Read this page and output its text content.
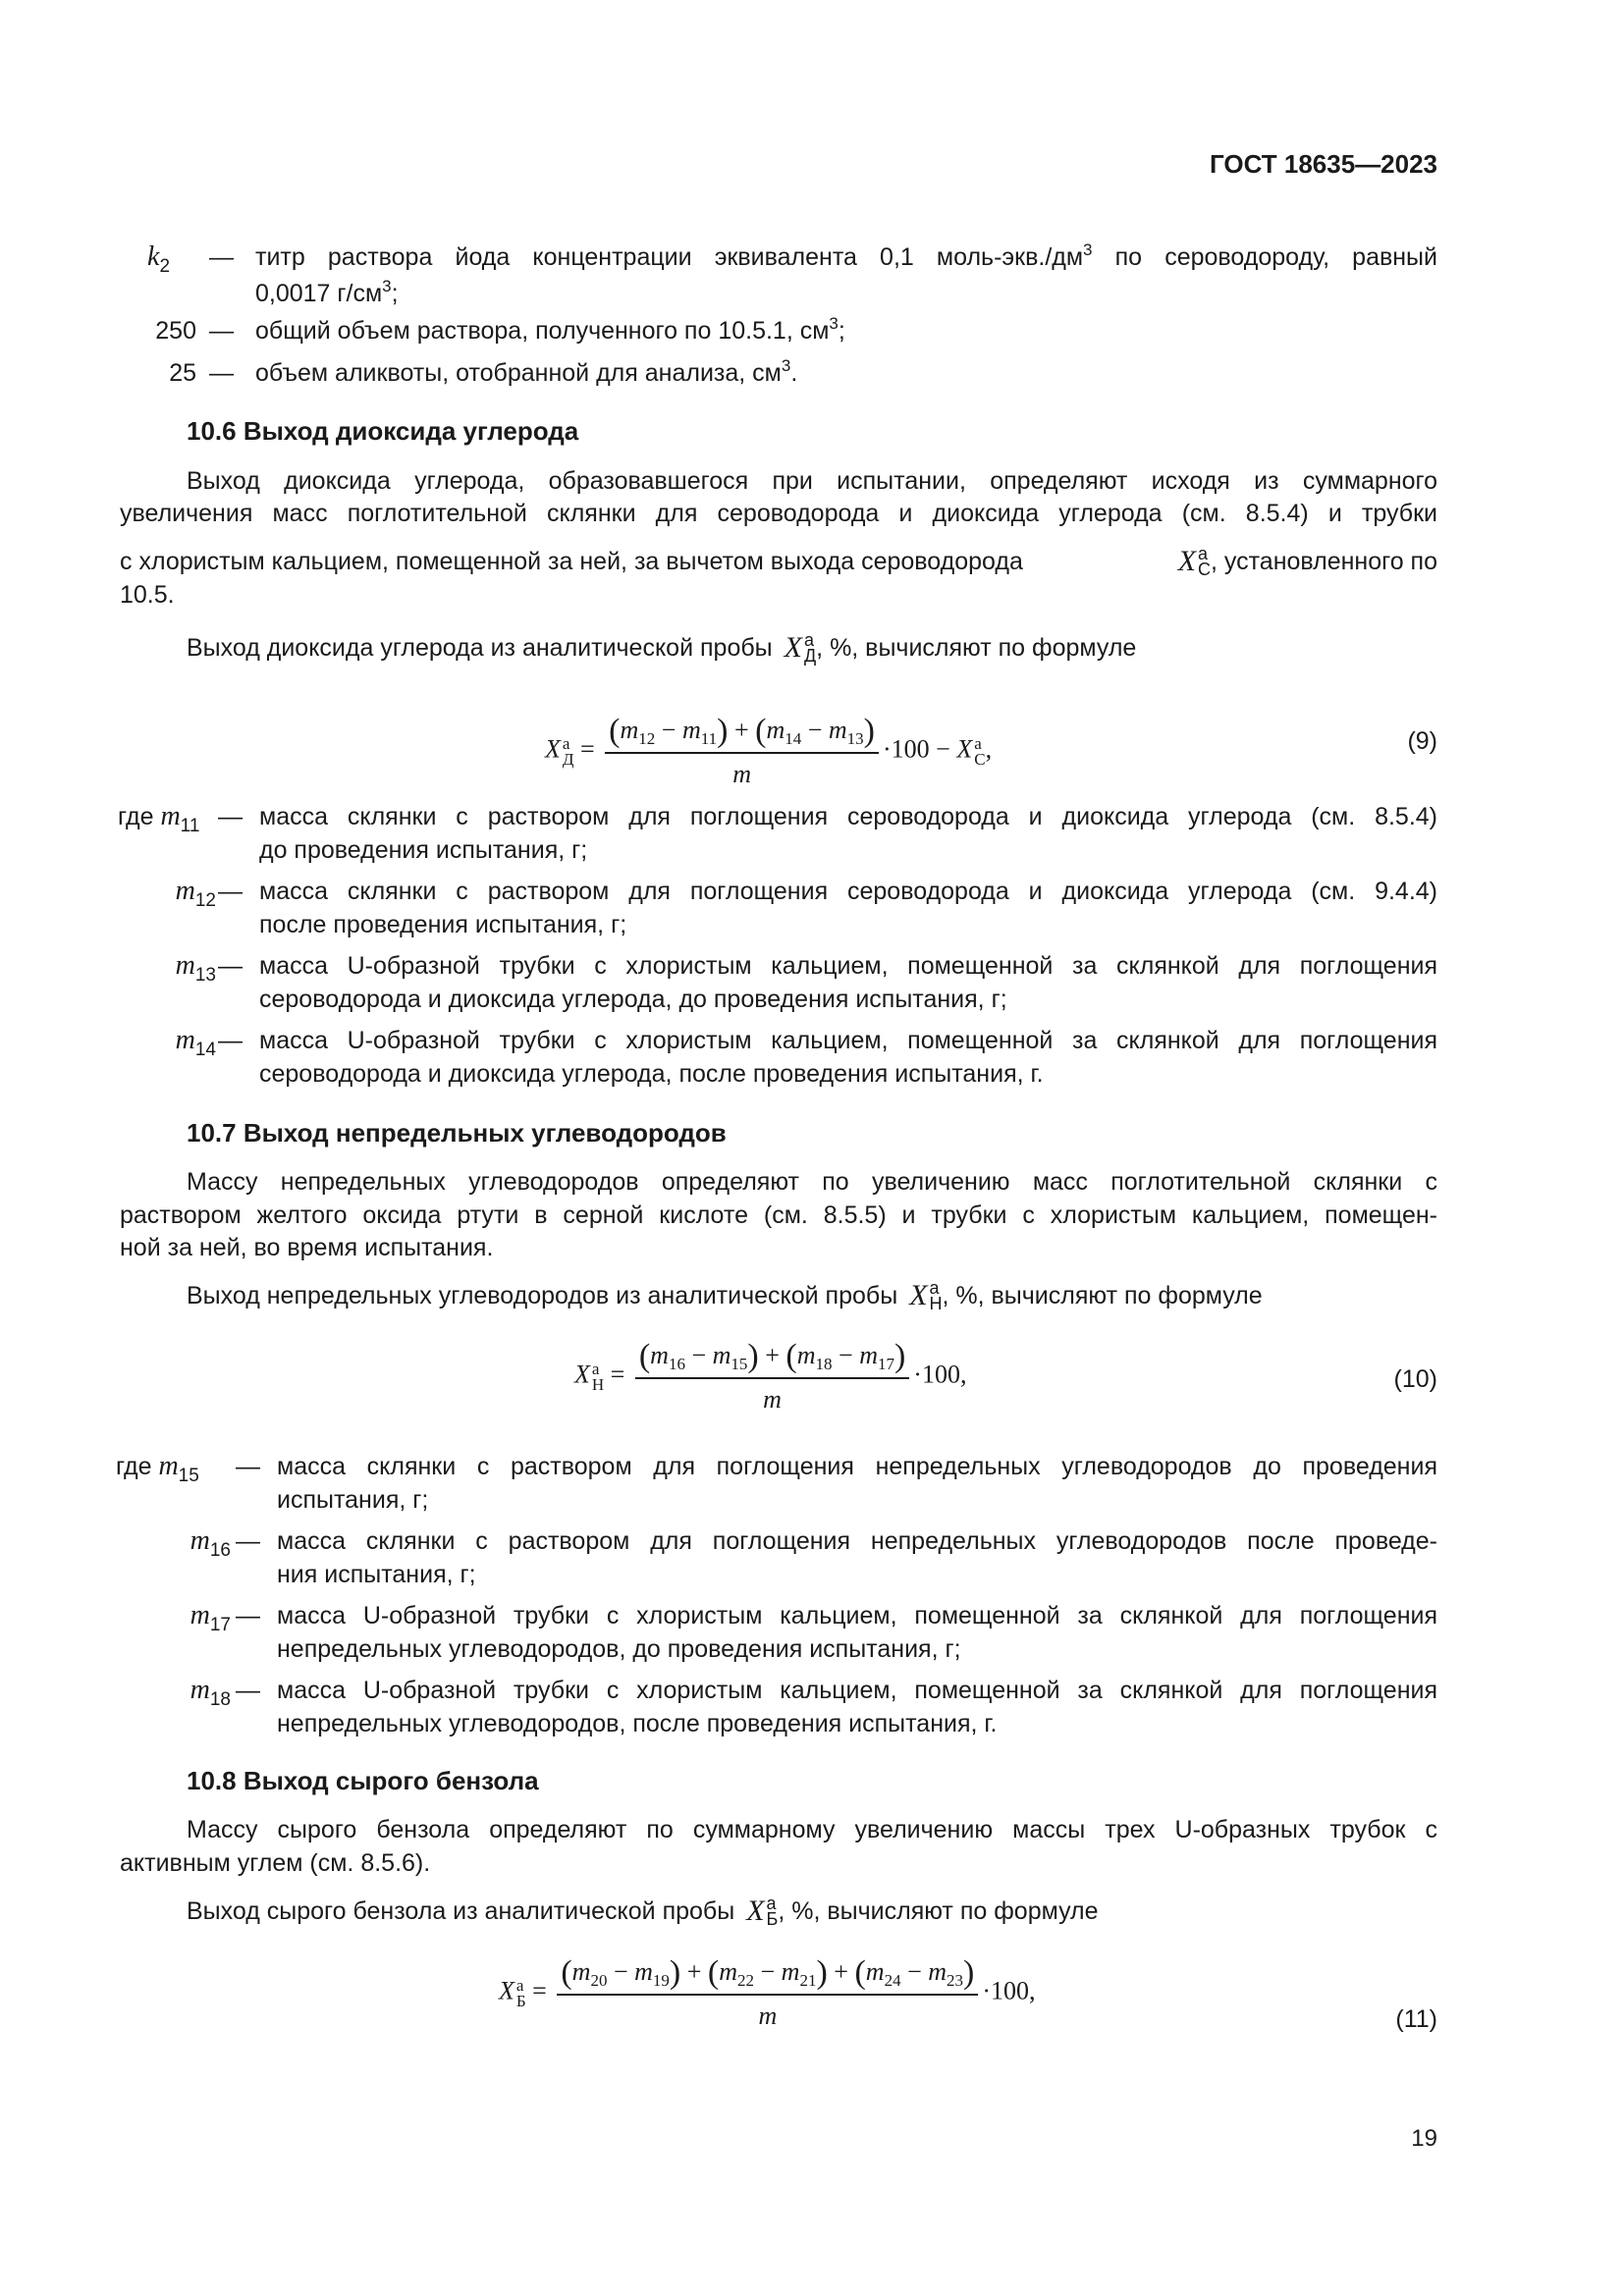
ГОСТ 18635—2023
$k_2$	— титр раствора йода концентрации эквивалента 0,1 моль-$экв./дм^3$ по сероводороду, равный
0,0017 $г/см^3$;
250 — общий объем раствора, полученного по 10.5.1, $см^3$;
25 — объем аликвоты, отобранной для анализа, $см^3$.
10.6 Выход диоксида углерода
Выход диоксида углерода, образовавшегося при испытании, определяют исходя из суммарного
увеличения масс поглотительной склянки для сероводорода и диоксида углерода (см. 8.5.4) и трубки
с хлористым кальцием, помещенной за ней, за вычетом выхода сероводорода	X а
С , установленного по
10.5.
Выход диоксида углерода из аналитической пробы X а
Д , %, вычисляют по формуле
X а
$Д = \frac{(m_{12} - m_{11}) + (m_{14} - m_{13})}{m} \cdot 100 - X$ а
С ,	(9)
где $m_{11}$ — масса склянки с раствором для поглощения сероводорода и диоксида углерода (см. 8.5.4)
до проведения испытания, г;
$m_{12}$ — масса склянки с раствором для поглощения сероводорода и диоксида углерода (см. 9.4.4)
после проведения испытания, г;
$m_{13}$ — масса U-образной трубки с хлористым кальцием, помещенной за склянкой для поглощения
сероводорода и диоксида углерода, до проведения испытания, г;
$m_{14}$ — масса U-образной трубки с хлористым кальцием, помещенной за склянкой для поглощения
сероводорода и диоксида углерода, после проведения испытания, г.
10.7 Выход непредельных углеводородов
Массу непредельных углеводородов определяют по увеличению масс поглотительной склянки с
раствором желтого оксида ртути в серной кислоте (см. 8.5.5) и трубки с хлористым кальцием, помещен-
ной за ней, во время испытания.
Выход непредельных углеводородов из аналитической пробы X а
Н , %, вычисляют по формуле
X а
$Н = \frac{(m_{16} - m_{15}) + (m_{18} - m_{17})}{m} \cdot 100$,	(10)
где $m_{15}$	— масса склянки с раствором для поглощения непредельных углеводородов до проведения
испытания, г;
$m_{16}$ — масса склянки с раствором для поглощения непредельных углеводородов после проведе-
ния испытания, г;
$m_{17}$ — масса U-образной трубки с хлористым кальцием, помещенной за склянкой для поглощения
непредельных углеводородов, до проведения испытания, г;
$m_{18}$ — масса U-образной трубки с хлористым кальцием, помещенной за склянкой для поглощения
непредельных углеводородов, после проведения испытания, г.
10.8 Выход сырого бензола
Массу сырого бензола определяют по суммарному увеличению массы трех U-образных трубок с
активным углем (см. 8.5.6).
Выход сырого бензола из аналитической пробы X а
Б , %, вычисляют по формуле
X а
$Б = \frac{(m_{20} - m_{19}) + (m_{22} - m_{21}) + (m_{24} - m_{23})}{m} \cdot 100$,
(11)
19
